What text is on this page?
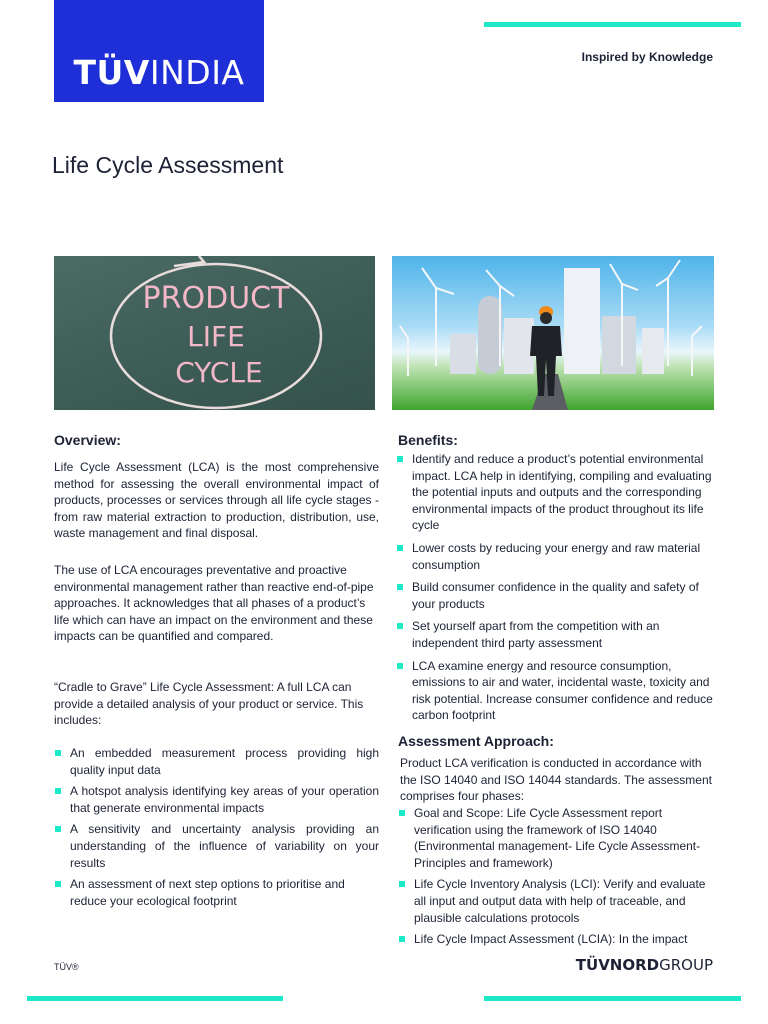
TÜVINDIA	Inspired by Knowledge
Life Cycle Assessment
PRODUCT
LIFE
CYCLE
Overview:

Life Cycle Assessment (LCA) is the most comprehensive method for assessing the overall environmental impact of products, processes or services through all life cycle stages - from raw material extraction to production, distribution, use, waste management and final disposal.

The use of LCA encourages preventative and proactive environmental management rather than reactive end-of-pipe approaches. It acknowledges that all phases of a product’s life which can have an impact on the environment and these impacts can be quantified and compared.

“Cradle to Grave” Life Cycle Assessment: A full LCA can provide a detailed analysis of your product or service. This includes:

An embedded measurement process providing high quality input data
A hotspot analysis identifying key areas of your operation that generate environmental impacts
A sensitivity and uncertainty analysis providing an understanding of the influence of variability on your results
An assessment of next step options to prioritise and reduce your ecological footprint
Benefits:
Identify and reduce a product’s potential environmental impact. LCA help in identifying, compiling and evaluating the potential inputs and outputs and the corresponding environmental impacts of the product throughout its life cycle
Lower costs by reducing your energy and raw material consumption
Build consumer confidence in the quality and safety of your products
Set yourself apart from the competition with an independent third party assessment
LCA examine energy and resource consumption, emissions to air and water, incidental waste, toxicity and risk potential. Increase consumer confidence and reduce carbon footprint
Assessment Approach:

Product LCA verification is conducted in accordance with the ISO 14040 and ISO 14044 standards. The assessment comprises four phases:

Goal and Scope: Life Cycle Assessment report verification using the framework of ISO 14040 (Environmental management- Life Cycle Assessment- Principles and framework)
Life Cycle Inventory Analysis (LCI): Verify and evaluate all input and output data with help of traceable, and plausible calculations protocols
Life Cycle Impact Assessment (LCIA): In the impact
TÜV®	TÜVNORDGROUP
